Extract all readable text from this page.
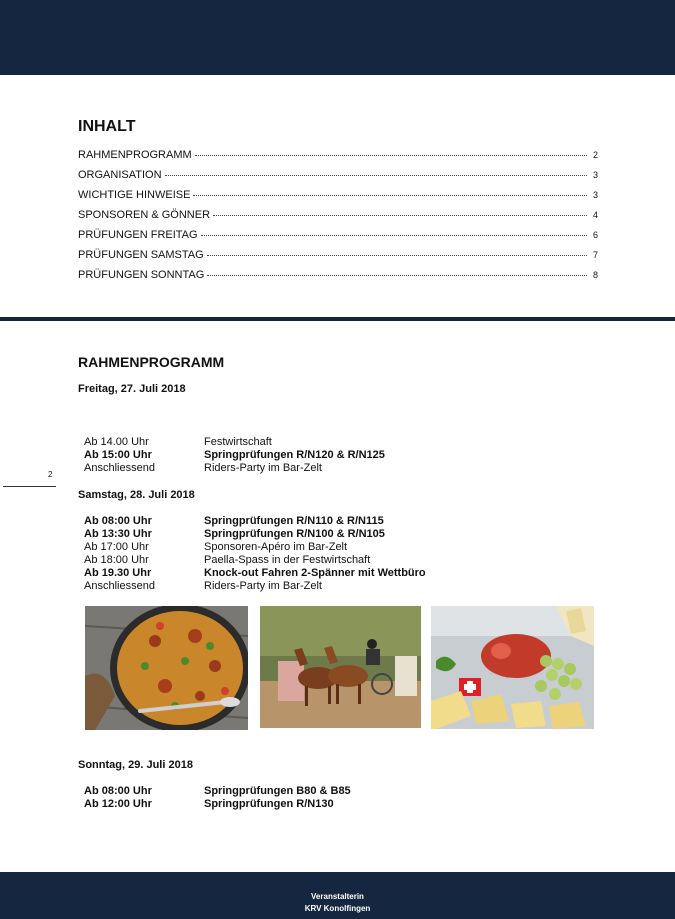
INHALT
RAHMENPROGRAMM	2
ORGANISATION	3
WICHTIGE HINWEISE	3
SPONSOREN & GÖNNER	4
PRÜFUNGEN FREITAG	6
PRÜFUNGEN SAMSTAG	7
PRÜFUNGEN SONNTAG	8
RAHMENPROGRAMM
Freitag, 27. Juli 2018
Ab 14.00 Uhr	Festwirtschaft
Ab 15:00 Uhr	Springprüfungen R/N120 & R/N125
Anschliessend	Riders-Party im Bar-Zelt
2
Samstag, 28. Juli 2018
Ab 08:00 Uhr	Springprüfungen R/N110 & R/N115
Ab 13:30 Uhr	Springprüfungen R/N100 & R/N105
Ab 17:00 Uhr	Sponsoren-Apéro im Bar-Zelt
Ab 18:00 Uhr	Paella-Spass in der Festwirtschaft
Ab 19.30 Uhr	Knock-out Fahren 2-Spänner mit Wettbüro
Anschliessend	Riders-Party im Bar-Zelt
Sonntag, 29. Juli 2018
Ab 08:00 Uhr	Springprüfungen B80 & B85
Ab 12:00 Uhr	Springprüfungen R/N130
Veranstalterin
KRV Konolfingen
